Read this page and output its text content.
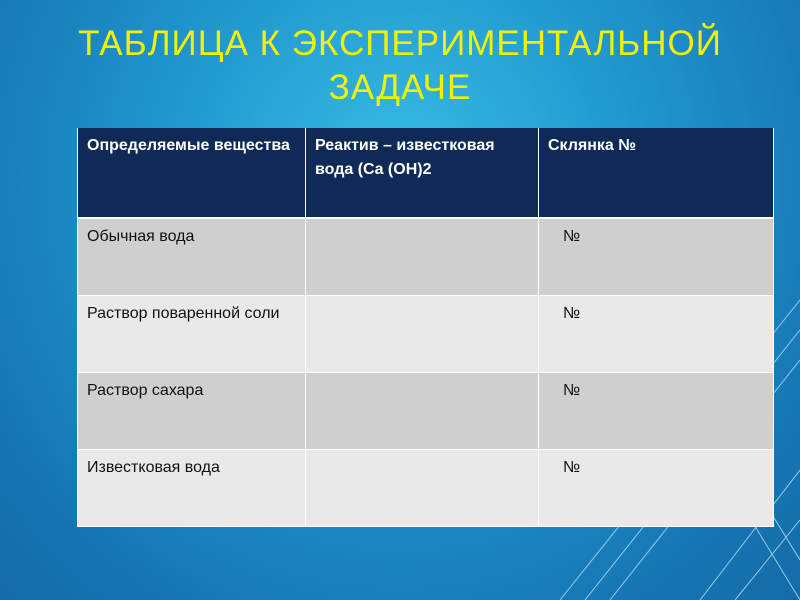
ТАБЛИЦА К ЭКСПЕРИМЕНТАЛЬНОЙ
ЗАДАЧЕ
Определяемые вещества	Реактив – известковая вода (Ca (OH)2	Склянка №
Обычная вода		№
Раствор поваренной соли		№
Раствор сахара		№
Известковая вода		№
